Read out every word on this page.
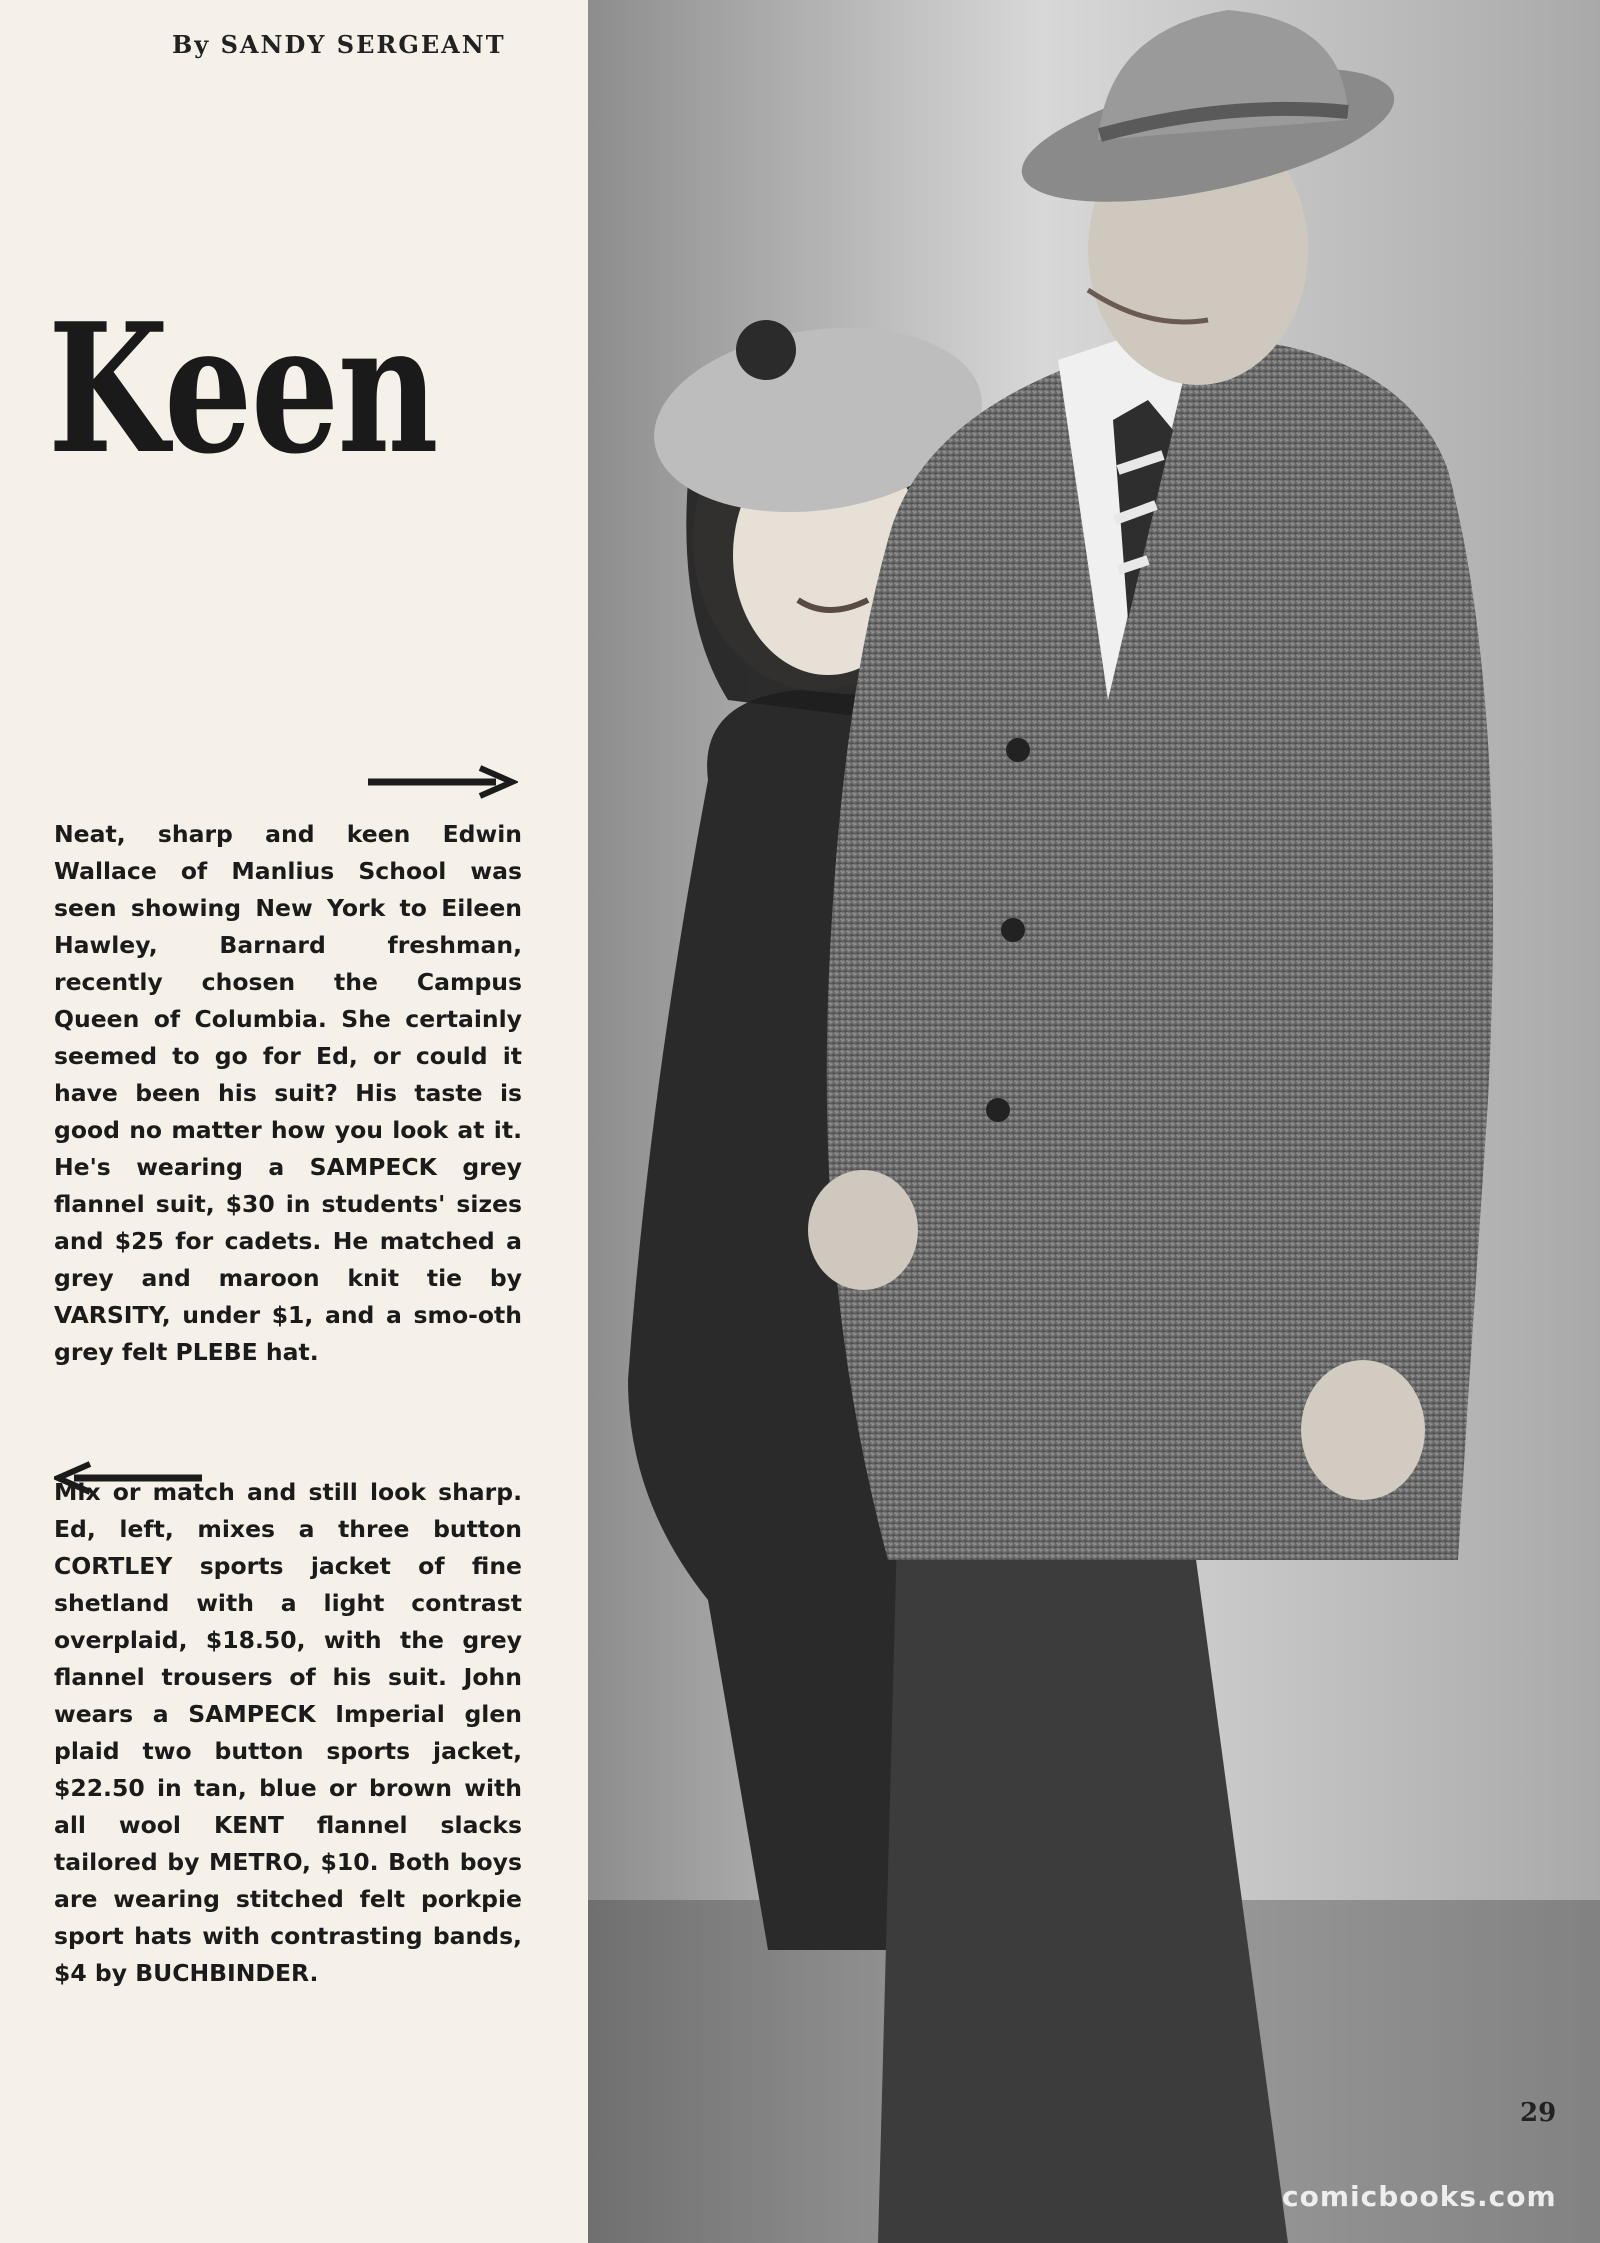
By SANDY SERGEANT
Keen
Neat, sharp and keen Edwin Wallace of Manlius School was seen showing New York to Eileen Hawley, Barnard freshman, recently chosen the Campus Queen of Columbia. She certainly seemed to go for Ed, or could it have been his suit? His taste is good no matter how you look at it. He's wearing a SAMPECK grey flannel suit, $30 in students' sizes and $25 for cadets. He matched a grey and maroon knit tie by VARSITY, under $1, and a smo-oth grey felt PLEBE hat.
Mix or match and still look sharp. Ed, left, mixes a three button CORTLEY sports jacket of fine shetland with a light contrast overplaid, $18.50, with the grey flannel trousers of his suit. John wears a SAMPECK Imperial glen plaid two button sports jacket, $22.50 in tan, blue or brown with all wool KENT flannel slacks tailored by METRO, $10. Both boys are wearing stitched felt porkpie sport hats with contrasting bands, $4 by BUCHBINDER.
29
comicbooks.com
